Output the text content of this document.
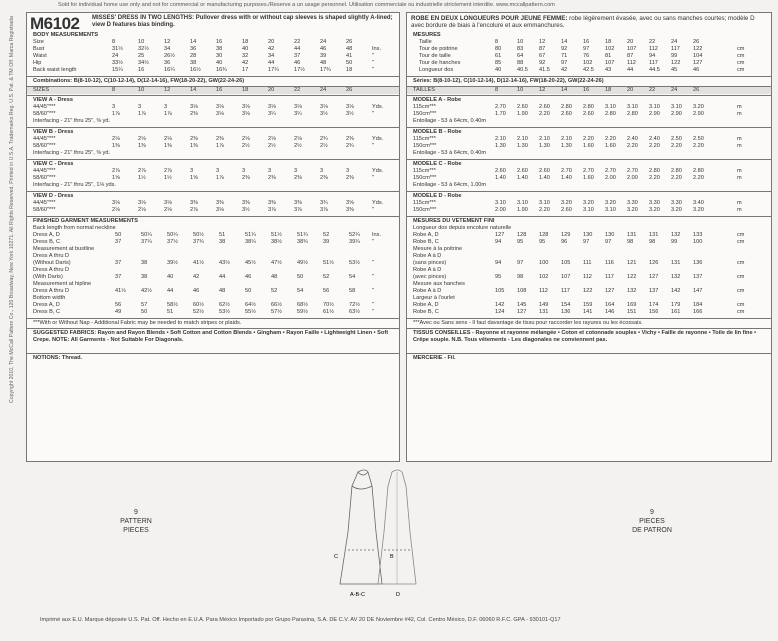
Sold for individual home use only and not for commercial or manufacturing purposes./Reserve a un usage personnel. Utilisation commerciale ou industrielle strictement interdite. www.mccallpattern.com
Copyright 2010, The McCall Pattern Co., 120 Broadway, New York 10271. All Rights Reserved. Printed in U.S.A. Trademarks Reg. U.S. Pat. & TM Off. Marca Registrada M6102 MISSES' DRESS IN TWO LENGTHS: Pullover dress with or without cap sleeves is shaped slightly A-lined; view D features bias binding.
BODY MEASUREMENTS
Size	8	10	12	14	16	18	20	22	24	26
Bust	31½	32½	34	36	38	40	42	44	46	48	Ins.
Waist	24	25	26½	28	30	32	34	37	39	41	"
Hip	33½	34½	36	38	40	42	44	46	48	50	"
Back waist length	15¼	16	16¼	16½	16¾	17	17¼	17½	17¾	18	"
Combinations: B(8-10-12), C(10-12-14), D(12-14-16), FW(18-20-22), GW(22-24-26)
SIZES	8	10	12	14	16	18	20	22	24	26
VIEW A - Dress
44/45"***	3	3	3	3⅛	3⅛	3⅛	3⅛	3⅛	3⅛	3⅛	Yds.
58/60"***	1⅞	1⅞	1⅞	2⅜	3⅛	3⅛	3¼	3¼	3½	3½	"
Interfacing - 21" thru 25", ⅜ yd.
VIEW B - Dress
44/45"***	2⅛	2⅛	2⅛	2⅜	2⅜	2⅛	2⅛	2⅛	2¾	2⅜	Yds.
58/60"***	1⅜	1⅜	1⅜	1⅜	1⅞	2½	2½	2½	2½	2¾	"
Interfacing - 21" thru 25", ⅜ yd.
VIEW C - Dress
44/45"***	2⅞	2⅞	2⅞	3	3	3	3	3	3	3	Yds.
58/60"***	1⅝	1½	1½	1⅝	1⅞	2⅜	2⅜	2⅜	2⅜	2⅜	"
Interfacing - 21" thru 25", 1⅛ yds.
VIEW D - Dress
44/45"***	3⅛	3⅛	3⅛	3⅜	3⅜	3⅜	3⅜	3⅜	3¾	3⅝	Yds.
58/60"***	2⅛	2⅛	2⅛	2⅞	3⅛	3½	3⅞	3⅞	3⅞	3⅜	"
FINISHED GARMENT MEASUREMENTS
Back length from normal neckline
Dress A, D	50	50¼	50¼	50½	51	51¼	51½	51¾	52	52¼ Ins.
Dress B, C	37	37¼	37½	37¾	38	38¼	38½	38¾	39	39¼ "
Measurement at bustline
Dress A thru D
(Without Darts)	37	38	39½	41½	43½	45½	47½	49½	51½	53½ "
Dress A thru D
(With Darts)	37	38	40	42	44	46	48	50	52	54	"
Measurement at hipline
Dress A thru D	41½	42½	44	46	48	50	52	54	56	58	"
Bottom width
Dress A, D	56	57	58½	60½	62½	64½	66½	68½	70½	72½ "
Dress B, C	49	50	51	52½	53½	55½	57½	59½	61½	63½ "
***With or Without Nap - Additional Fabric may be needed to match stripes or plaids.
SUGGESTED FABRICS: Rayon and Rayon Blends • Soft Cotton and Cotton Blends • Gingham • Rayon Faille • Lightweight Linen • Soft Crepe. NOTE: All Garments - Not Suitable For Diagonals.
NOTIONS: Thread.
ROBE EN DEUX LONGUEURS POUR JEUNE FEMME: robe légèrement évasée, avec ou sans manches courtes; modèle D avec bordure de biais à l'encolure et aux emmanchures.
MESURES
Taille	8	10	12	14	16	18	20	22	24	26
Tour de poitrine	80	83	87	92	97	102 107 112 117 122	cm
Tour de taille	61	64	67	71	76	81	87	94	99	104	cm
Tour de hanches	85	88	92	97	102 107 112 117 122 127	cm
Longueur dos	40	40.5 41.5 42	42.5 43	44	44.5 45	46	cm
Séries: B(8-10-12), C(10-12-14), D(12-14-16), FW(18-20-22), GW(22-24-26)
TAILLES	8	10	12	14	16	18	20	22	24	26
MODELE A - Robe
115cm***	2.70 2.60 2.60 2.80 2.80 3.10 3.10 3.10 3.10 3.20	m
150cm***	1.70 1.90 2.20 2.60 2.60 2.80 2.80 2.90 2.90 2.90	m
Entoilage - 53 à 64cm, 0.40m
MODELE B - Robe
115cm***	2.10 2.10 2.10 2.10 2.20 2.20 2.40 2.40 2.50 2.50	m
150cm***	1.30 1.30 1.30 1.30 1.60 1.60 2.20 2.20 2.20 2.20	m
Entoilage - 53 à 64cm, 0.40m
MODELE C - Robe
115cm***	2.60 2.60 2.60 2.70 2.70 2.70 2.70 2.80 2.80 2.80	m
150cm***	1.40 1.40 1.40 1.40 1.60 2.00 2.00 2.20 2.20 2.20	m
Entoilage - 53 à 64cm, 1.00m
MODELE D - Robe
115cm***	3.10 3.10 3.10 3.20 3.20 3.20 3.30 3.30 3.30 3.40	m
150cm***	2.00 1.90 2.20 2.60 3.10 3.10 3.20 3.20 3.20 3.20	m
MESURES DU VETEMENT FINI
Longueur dos depuis encolure naturelle
Robe A, D	127 128 128 129 130 130 131 131 132 133	cm
Robe B, C	94	95	95	96	97	97	98	98	99	100	cm
Mesure à la poitrine
Robe A à D
(sans pinces)	94	97	100 105 111 116 121 126 131 136	cm
Robe A à D
(avec pinces)	95	98	102 107 112 117 122 127 132 137	cm
Mesure aux hanches
Robe A à D	105 108 112 117 122 127 132 137 142 147	cm
Largeur à l'ourlet
Robe A, D	142 145 149 154 159 164 169 174 179 184	cm
Robe B, C	124 127 131 136 141 146 151 156 161 166	cm
***Avec ou Sans sens - Il faut davantage de tissu pour raccorder les rayures ou les écossais.
TISSUS CONSEILLES - Rayonne et rayonne mélangée • Coton et cotonnade souples • Vichy • Faille de rayonne • Toile de lin fine • Crêpe souple. N.B. Tous vêtements - Les diagonales ne conviennent pas.
MERCERIE - Fil.
9
PATTERN
PIECES
9
PIECES
DE PATRON
C	B
A-B-C	D
Imprimé aux E.U. Marque déposée U.S. Pat. Off. Hecho en E.U.A. Para México Importado por Grupo Parasina, S.A. DE C.V. AV 20 DE Noviembre #42, Col. Centro México, D.F. 06060 R.F.C. GPA - 930101-Q17
